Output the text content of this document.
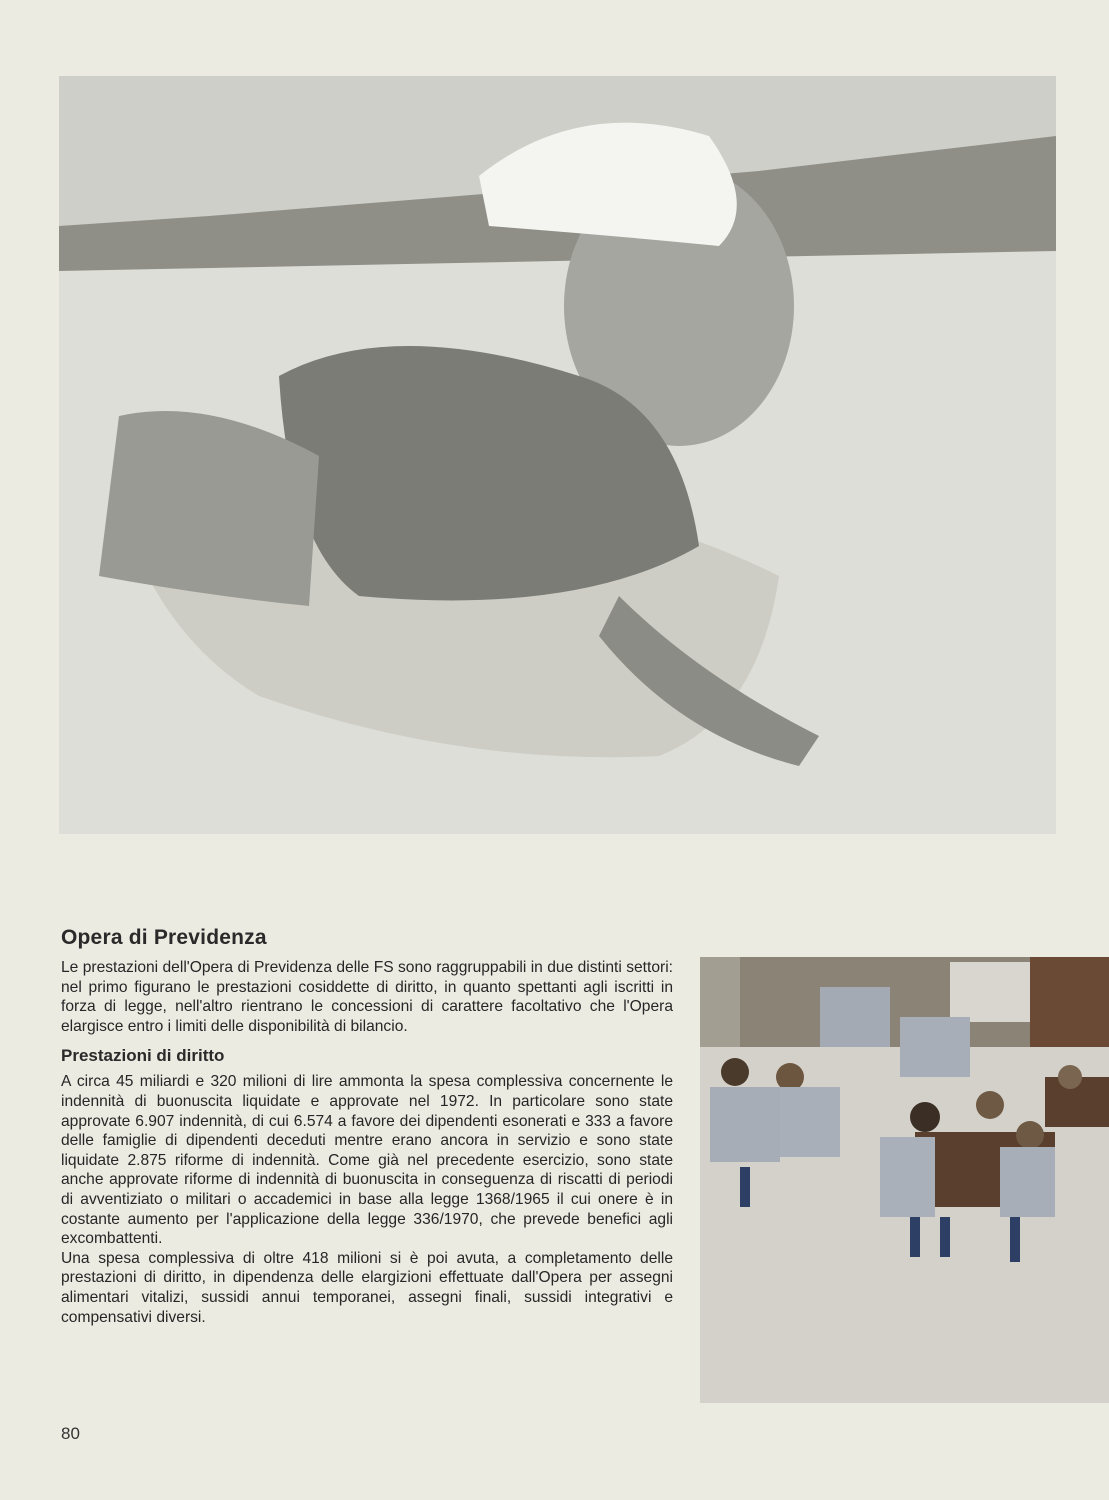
Opera di Previdenza

Le prestazioni dell'Opera di Previdenza delle FS sono raggruppabili in due distinti settori: nel primo figurano le prestazioni cosiddette di diritto, in quanto spettanti agli iscritti in forza di legge, nell'altro rientrano le concessioni di carattere facoltativo che l'Opera elargisce entro i limiti delle disponibilità di bilancio.

Prestazioni di diritto

A circa 45 miliardi e 320 milioni di lire ammonta la spesa complessiva concernente le indennità di buonuscita liquidate e approvate nel 1972. In particolare sono state approvate 6.907 indennità, di cui 6.574 a favore dei dipendenti esonerati e 333 a favore delle famiglie di dipendenti deceduti mentre erano ancora in servizio e sono state liquidate 2.875 riforme di indennità. Come già nel precedente esercizio, sono state anche approvate riforme di indennità di buonuscita in conseguenza di riscatti di periodi di avventiziato o militari o accademici in base alla legge 1368/1965 il cui onere è in costante aumento per l'applicazione della legge 336/1970, che prevede benefici agli excombattenti.

Una spesa complessiva di oltre 418 milioni si è poi avuta, a completamento delle prestazioni di diritto, in dipendenza delle elargizioni effettuate dall'Opera per assegni alimentari vitalizi, sussidi annui temporanei, assegni finali, sussidi integrativi e compensativi diversi.

80
